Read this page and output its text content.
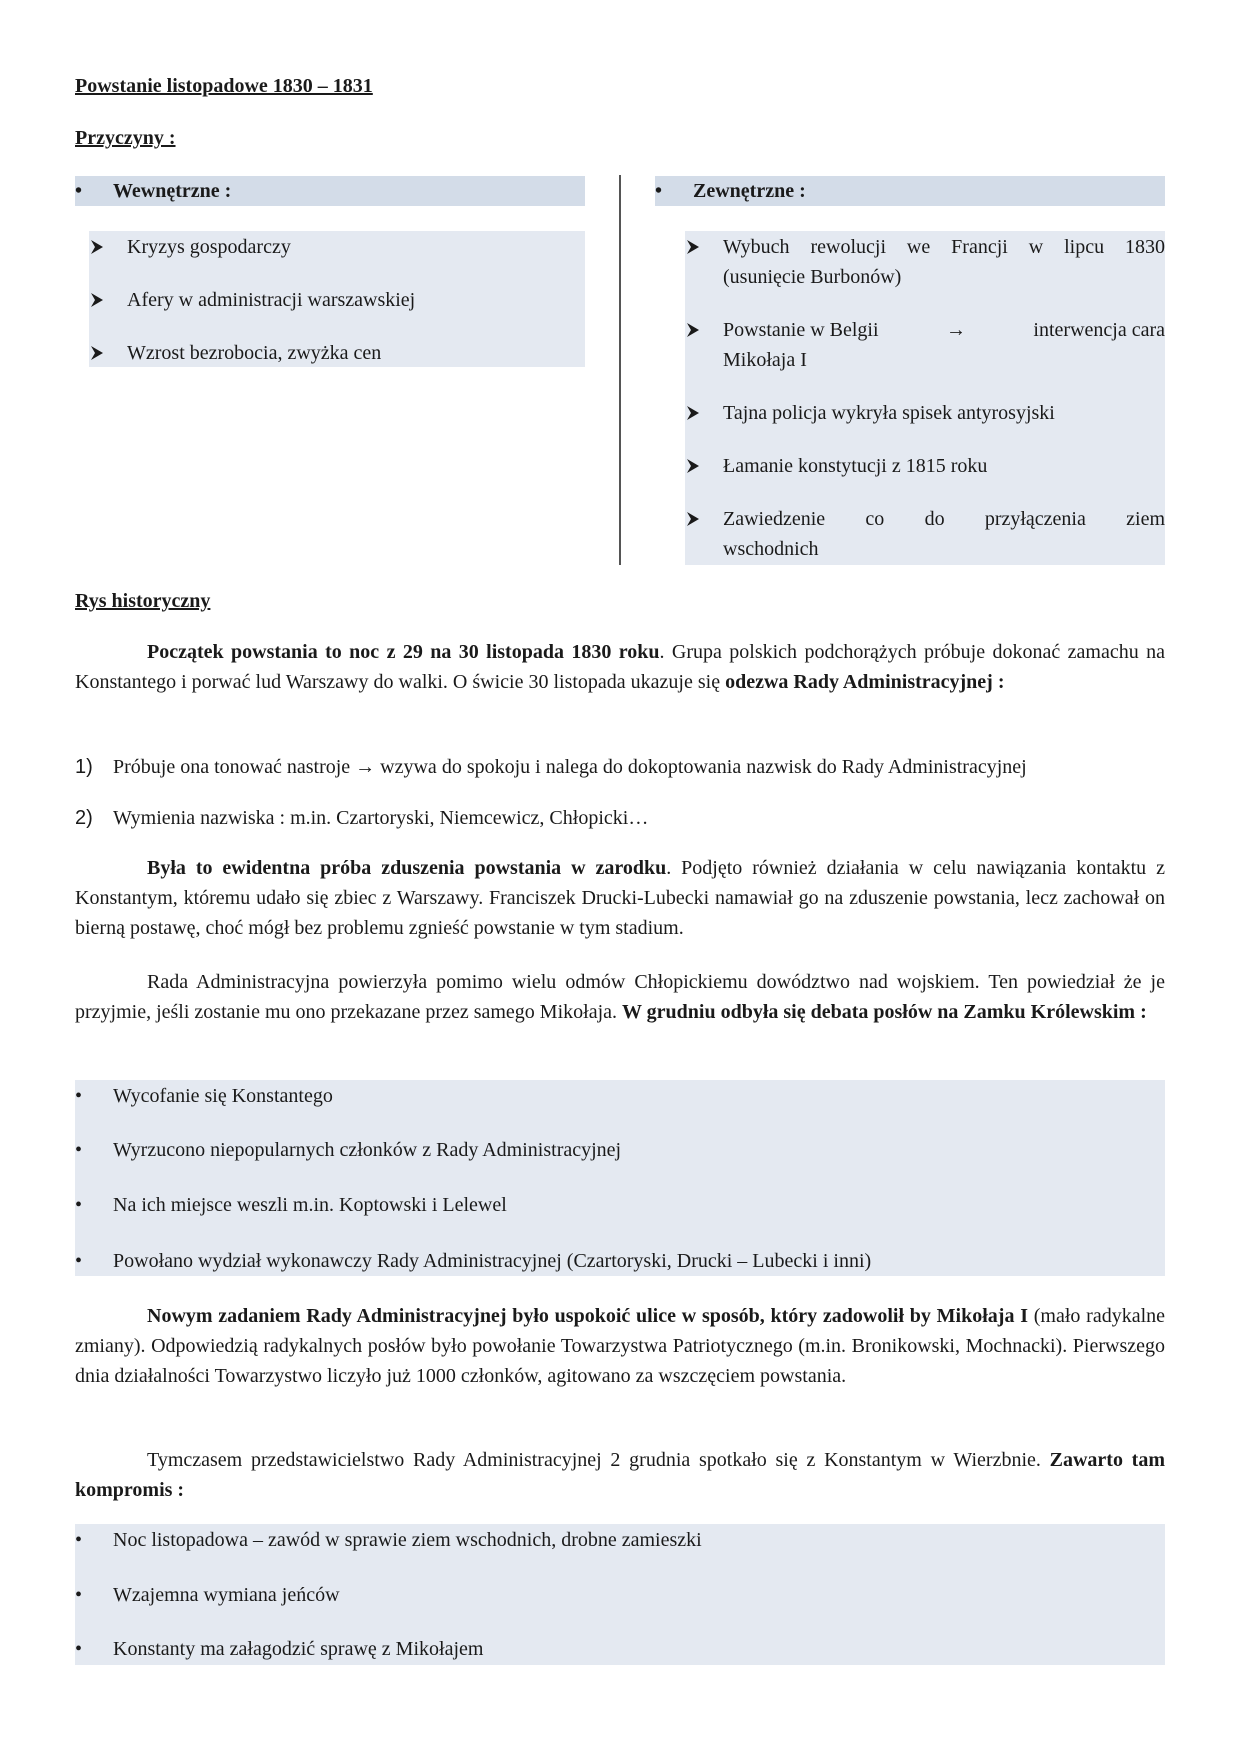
Powstanie listopadowe 1830 – 1831
Przyczyny :
•	Wewnętrzne :
Kryzys gospodarczy
Afery w administracji warszawskiej
Wzrost bezrobocia, zwyżka cen
•	Zewnętrzne :
Wybuch rewolucji we Francji w lipcu 1830
(usunięcie Burbonów)
Powstanie w Belgii	→	interwencja cara
Mikołaja I
Tajna policja wykryła spisek antyrosyjski
Łamanie konstytucji z 1815 roku
Zawiedzenie co do przyłączenia ziem
wschodnich
Rys historyczny

Początek powstania to noc z 29 na 30 listopada 1830 roku. Grupa polskich podchorążych próbuje dokonać zamachu na Konstantego i porwać lud Warszawy do walki. O świcie 30 listopada ukazuje się odezwa Rady Administracyjnej :

1) Próbuje ona tonować nastroje → wzywa do spokoju i nalega do dokoptowania nazwisk do Rady Administracyjnej
2) Wymienia nazwiska : m.in. Czartoryski, Niemcewicz, Chłopicki…

Była to ewidentna próba zduszenia powstania w zarodku. Podjęto również działania w celu nawiązania kontaktu z Konstantym, któremu udało się zbiec z Warszawy. Franciszek Drucki-Lubecki namawiał go na zduszenie powstania, lecz zachował on bierną postawę, choć mógł bez problemu zgnieść powstanie w tym stadium.

Rada Administracyjna powierzyła pomimo wielu odmów Chłopickiemu dowództwo nad wojskiem. Ten powiedział że je przyjmie, jeśli zostanie mu ono przekazane przez samego Mikołaja. W grudniu odbyła się debata posłów na Zamku Królewskim :

•	Wycofanie się Konstantego
•	Wyrzucono niepopularnych członków z Rady Administracyjnej
•	Na ich miejsce weszli m.in. Koptowski i Lelewel
•	Powołano wydział wykonawczy Rady Administracyjnej (Czartoryski, Drucki – Lubecki i inni)

Nowym zadaniem Rady Administracyjnej było uspokoić ulice w sposób, który zadowolił by Mikołaja I (mało radykalne zmiany). Odpowiedzią radykalnych posłów było powołanie Towarzystwa Patriotycznego (m.in. Bronikowski, Mochnacki). Pierwszego dnia działalności Towarzystwo liczyło już 1000 członków, agitowano za wszczęciem powstania.

Tymczasem przedstawicielstwo Rady Administracyjnej 2 grudnia spotkało się z Konstantym w Wierzbnie. Zawarto tam kompromis :

•	Noc listopadowa – zawód w sprawie ziem wschodnich, drobne zamieszki
•	Wzajemna wymiana jeńców
•	Konstanty ma załagodzić sprawę z Mikołajem
